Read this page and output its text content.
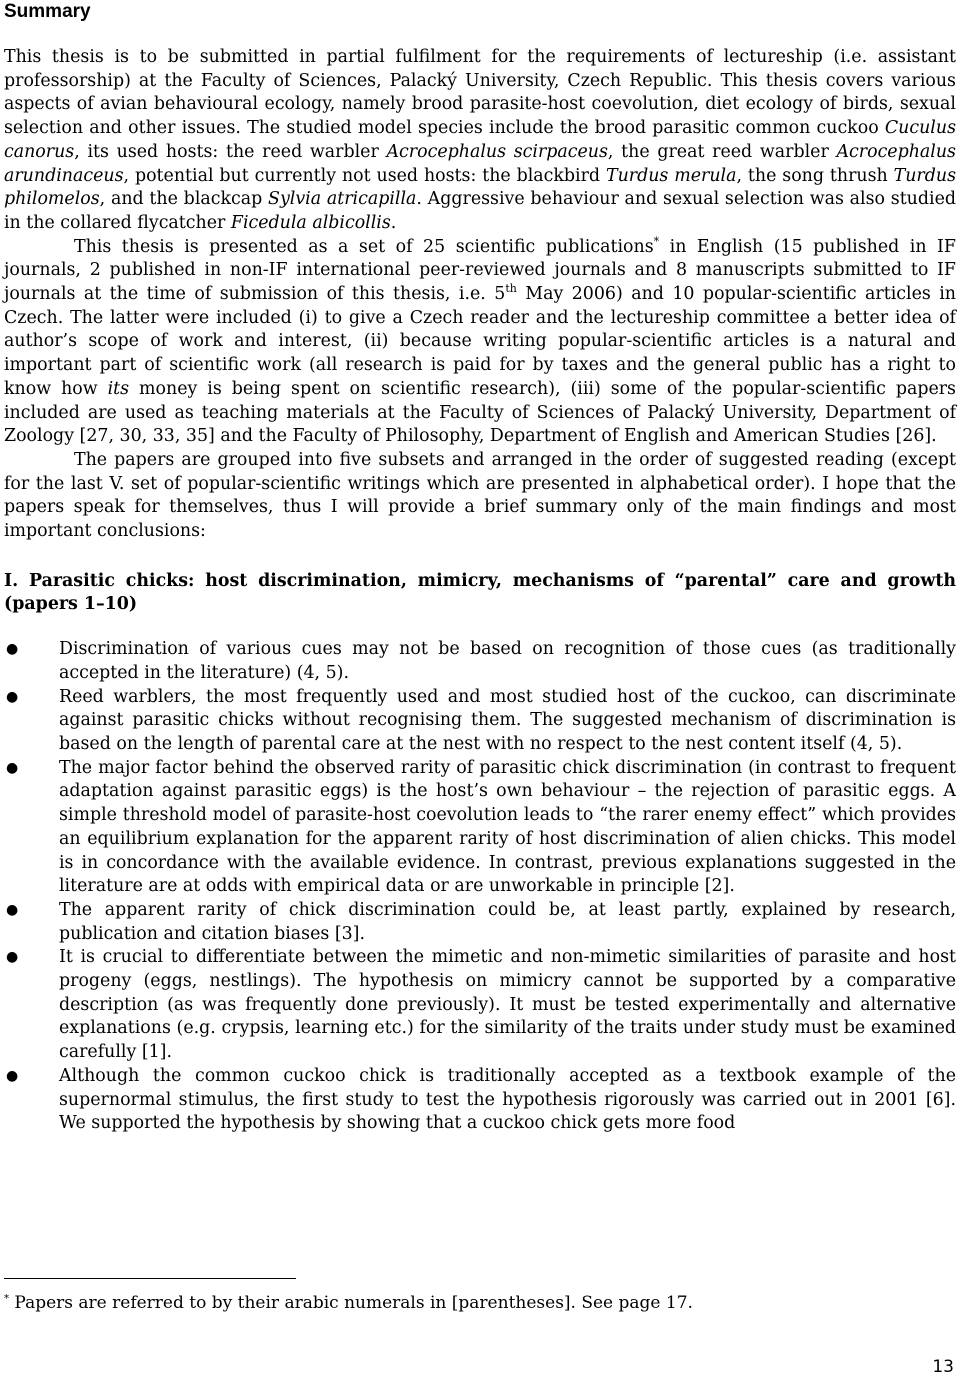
Summary

This thesis is to be submitted in partial fulfilment for the requirements of lectureship (i.e. assistant professorship) at the Faculty of Sciences, Palacký University, Czech Republic. This thesis covers various aspects of avian behavioural ecology, namely brood parasite-host coevolution, diet ecology of birds, sexual selection and other issues. The studied model species include the brood parasitic common cuckoo Cuculus canorus, its used hosts: the reed warbler Acrocephalus scirpaceus, the great reed warbler Acrocephalus arundinaceus, potential but currently not used hosts: the blackbird Turdus merula, the song thrush Turdus philomelos, and the blackcap Sylvia atricapilla. Aggressive behaviour and sexual selection was also studied in the collared flycatcher Ficedula albicollis.

This thesis is presented as a set of 25 scientific publications* in English (15 published in IF journals, 2 published in non-IF international peer-reviewed journals and 8 manuscripts submitted to IF journals at the time of submission of this thesis, i.e. 5th May 2006) and 10 popular-scientific articles in Czech. The latter were included (i) to give a Czech reader and the lectureship committee a better idea of author’s scope of work and interest, (ii) because writing popular-scientific articles is a natural and important part of scientific work (all research is paid for by taxes and the general public has a right to know how its money is being spent on scientific research), (iii) some of the popular-scientific papers included are used as teaching materials at the Faculty of Sciences of Palacký University, Department of Zoology [27, 30, 33, 35] and the Faculty of Philosophy, Department of English and American Studies [26].

The papers are grouped into five subsets and arranged in the order of suggested reading (except for the last V. set of popular-scientific writings which are presented in alphabetical order). I hope that the papers speak for themselves, thus I will provide a brief summary only of the main findings and most important conclusions:

I. Parasitic chicks: host discrimination, mimicry, mechanisms of “parental” care and growth (papers 1–10)
● Discrimination of various cues may not be based on recognition of those cues (as traditionally accepted in the literature) (4, 5).
● Reed warblers, the most frequently used and most studied host of the cuckoo, can discriminate against parasitic chicks without recognising them. The suggested mechanism of discrimination is based on the length of parental care at the nest with no respect to the nest content itself (4, 5).
● The major factor behind the observed rarity of parasitic chick discrimination (in contrast to frequent adaptation against parasitic eggs) is the host’s own behaviour – the rejection of parasitic eggs. A simple threshold model of parasite-host coevolution leads to “the rarer enemy effect” which provides an equilibrium explanation for the apparent rarity of host discrimination of alien chicks. This model is in concordance with the available evidence. In contrast, previous explanations suggested in the literature are at odds with empirical data or are unworkable in principle [2].
● The apparent rarity of chick discrimination could be, at least partly, explained by research, publication and citation biases [3].
● It is crucial to differentiate between the mimetic and non-mimetic similarities of parasite and host progeny (eggs, nestlings). The hypothesis on mimicry cannot be supported by a comparative description (as was frequently done previously). It must be tested experimentally and alternative explanations (e.g. crypsis, learning etc.) for the similarity of the traits under study must be examined carefully [1].
● Although the common cuckoo chick is traditionally accepted as a textbook example of the supernormal stimulus, the first study to test the hypothesis rigorously was carried out in 2001 [6]. We supported the hypothesis by showing that a cuckoo chick gets more food

* Papers are referred to by their arabic numerals in [parentheses]. See page 17.

13
